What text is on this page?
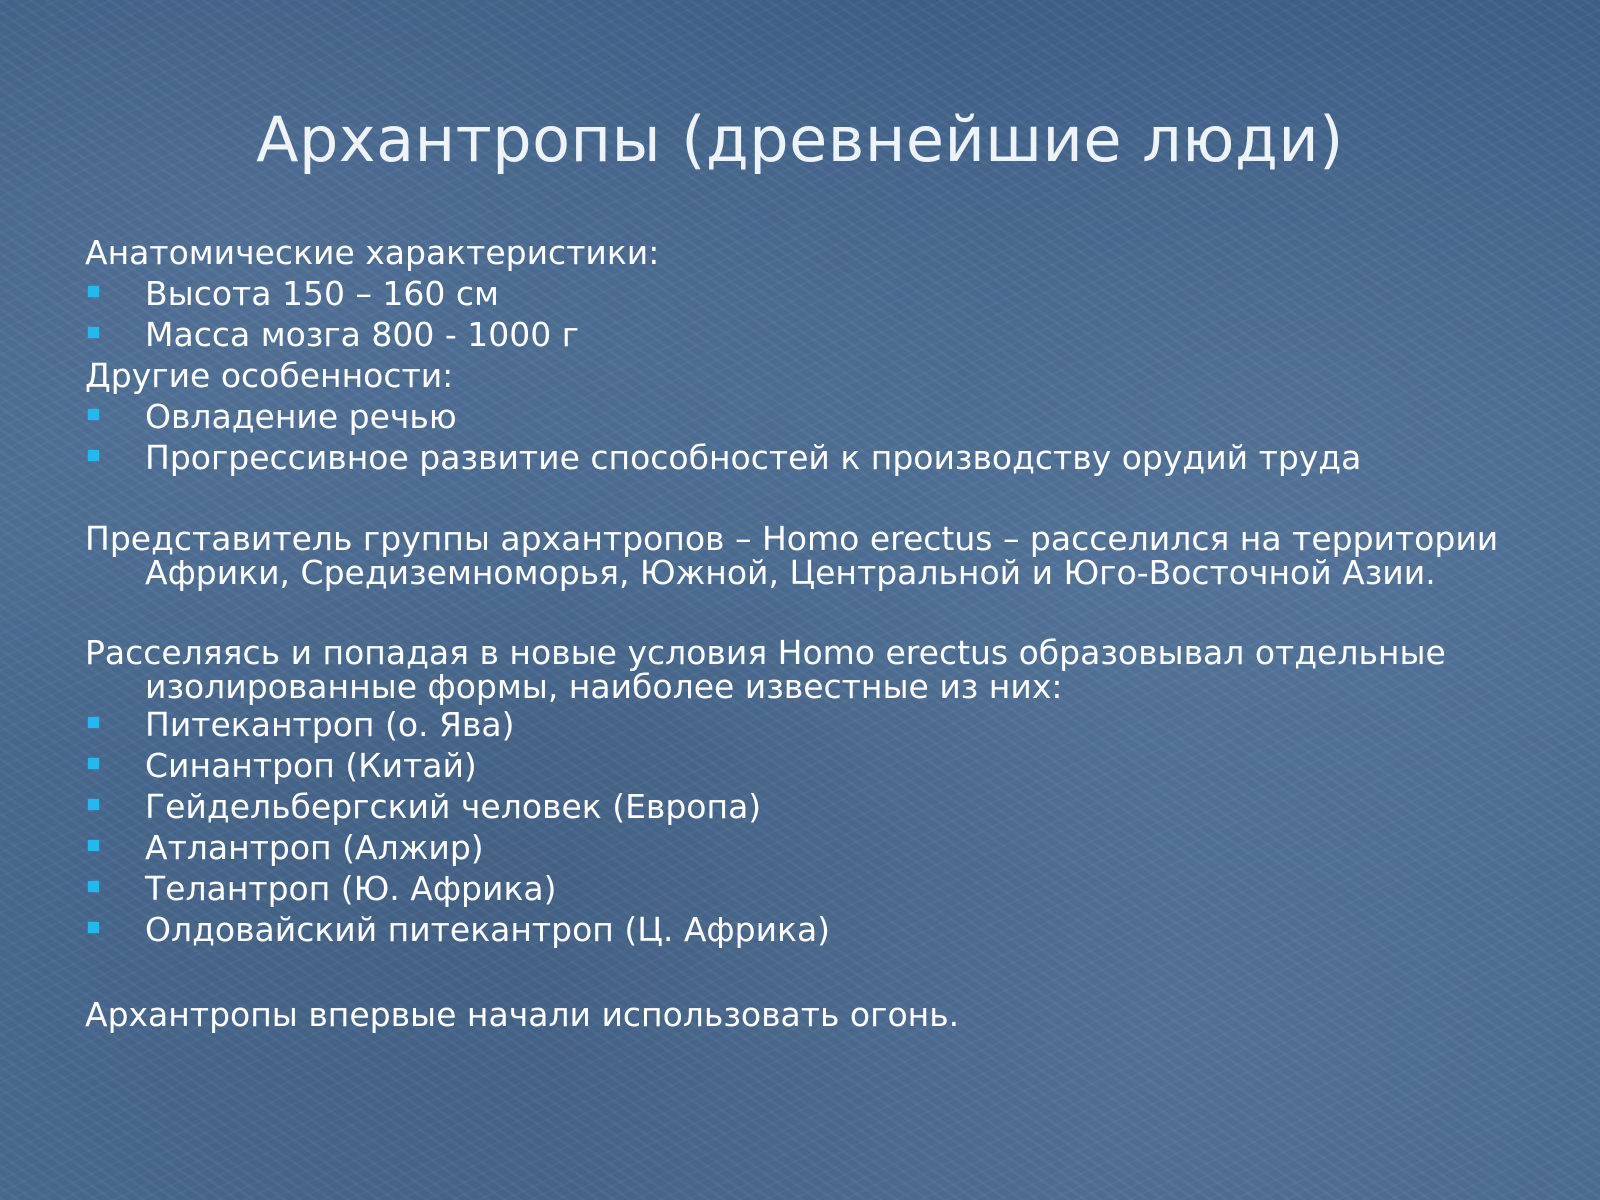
Архантропы (древнейшие люди)
Анатомические характеристики:
Высота 150 – 160 см
Масса мозга 800 - 1000 г
Другие особенности:
Овладение речью
Прогрессивное развитие способностей к производству орудий труда
Представитель группы архантропов – Homo erectus – расселился на территории
Африки, Средиземноморья, Южной, Центральной и Юго-Восточной Азии.
Расселяясь и попадая в новые условия Homo erectus образовывал отдельные
изолированные формы, наиболее известные из них:
Питекантроп (о. Ява)
Синантроп (Китай)
Гейдельбергский человек (Европа)
Атлантроп (Алжир)
Телантроп (Ю. Африка)
Олдовайский питекантроп (Ц. Африка)
Архантропы впервые начали использовать огонь.
